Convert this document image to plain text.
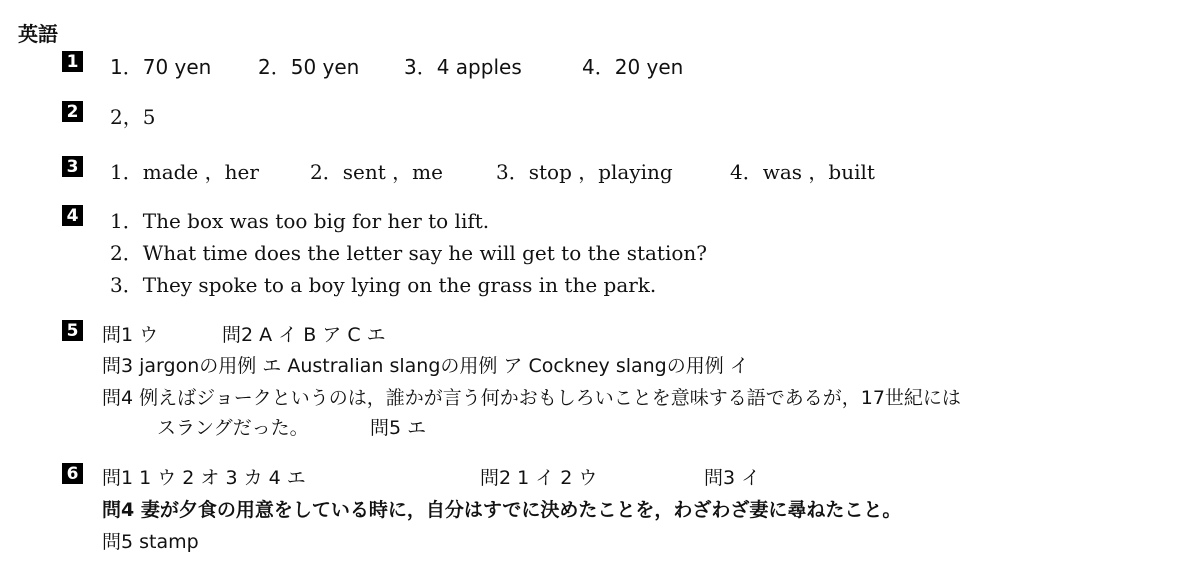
英語
1 1．70 yen 2．50 yen 3．4 apples	4．20 yen
2 2，5
3 1．made ，her	2．sent ，me	3．stop ，playing	4．was ，built
4 1．The box was too big for her to lift.
2．What time does the letter say he will get to the station?
3．They spoke to a boy lying on the grass in the park.
5 問1 ウ	問2 A イ B ア C エ
問3 jargonの用例 エ Australian slangの用例 ア Cockney slangの用例 イ
問4 例えばジョークというのは，誰かが言う何かおもしろいことを意味する語であるが，17世紀には
スラングだった。	問5 エ
6 問1 1 ウ 2 オ 3 カ 4 エ	問2 1 イ 2 ウ	問3 イ
問4 妻が夕食の用意をしている時に，自分はすでに決めたことを，わざわざ妻に尋ねたこと。
問5 stamp
